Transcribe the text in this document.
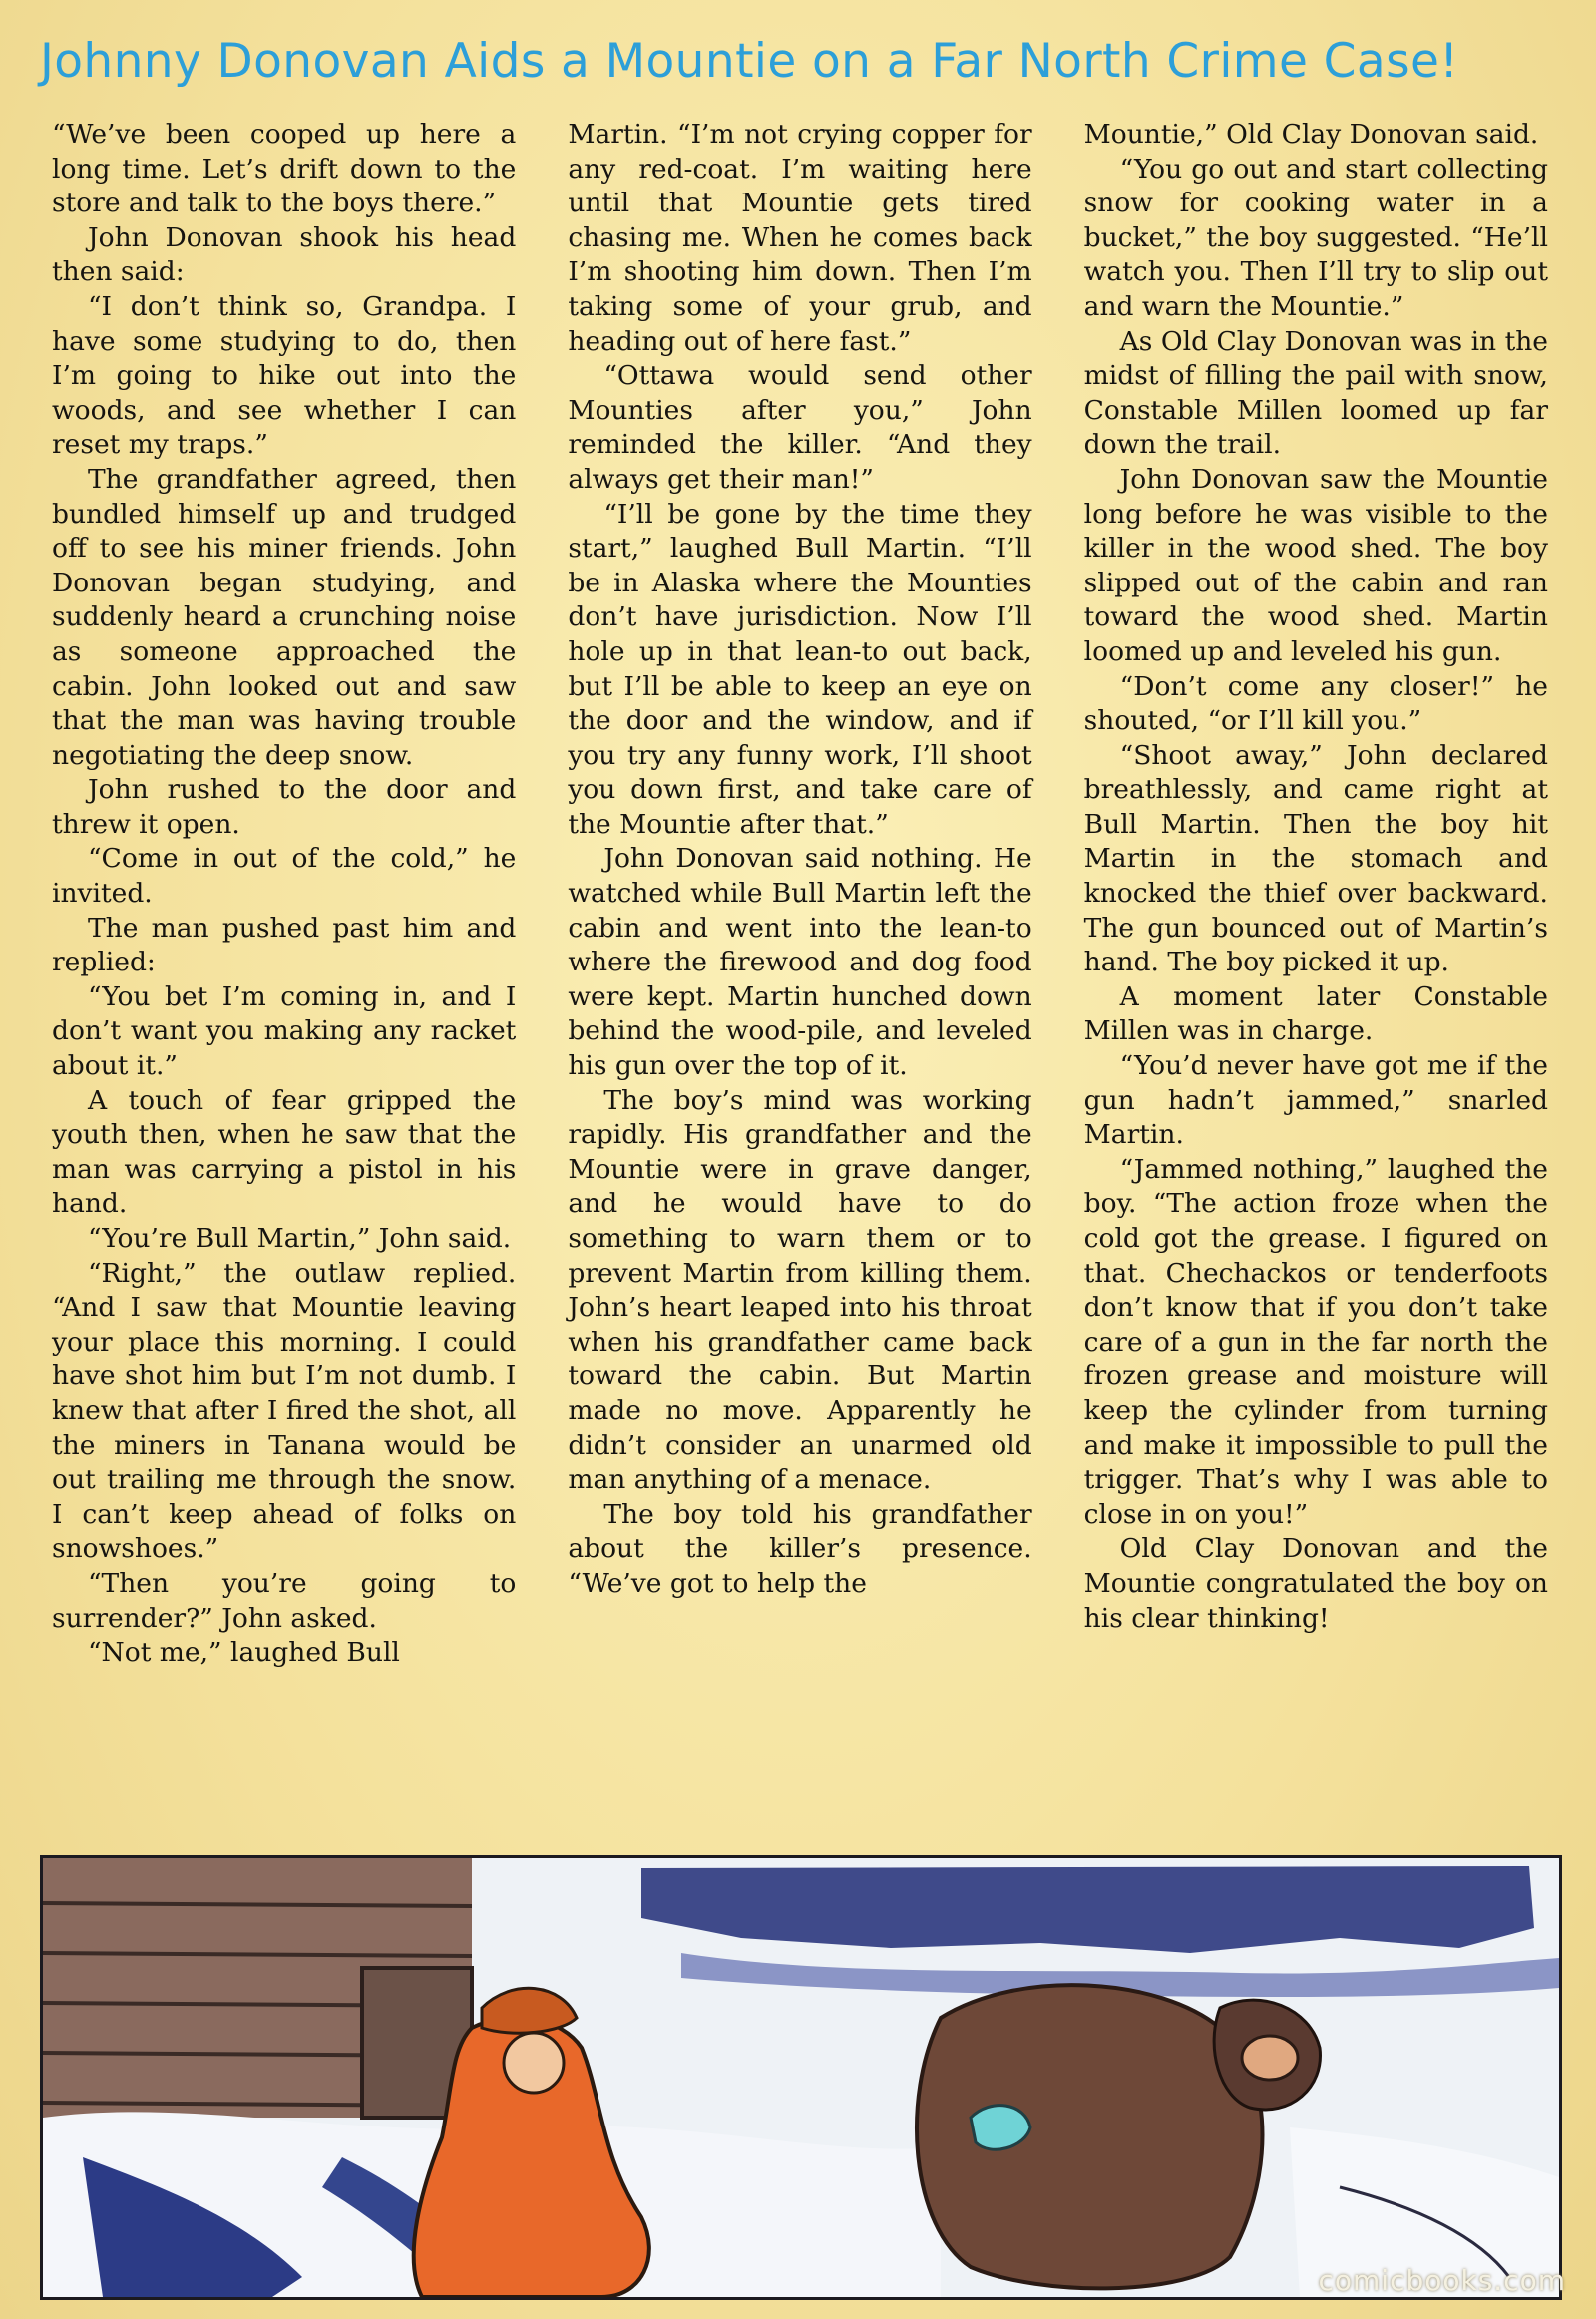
Johnny Donovan Aids a Mountie on a Far North Crime Case!

“We’ve been cooped up here a long time. Let’s drift down to the store and talk to the boys there.”

John Donovan shook his head then said:

“I don’t think so, Grandpa. I have some studying to do, then I’m going to hike out into the woods, and see whether I can reset my traps.”

The grandfather agreed, then bundled himself up and trudged off to see his miner friends. John Donovan began studying, and suddenly heard a crunching noise as someone approached the cabin. John looked out and saw that the man was having trouble negotiating the deep snow.

John rushed to the door and threw it open.

“Come in out of the cold,” he invited.

The man pushed past him and replied:

“You bet I’m coming in, and I don’t want you making any racket about it.”

A touch of fear gripped the youth then, when he saw that the man was carrying a pistol in his hand.

“You’re Bull Martin,” John said.

“Right,” the outlaw replied. “And I saw that Mountie leaving your place this morning. I could have shot him but I’m not dumb. I knew that after I fired the shot, all the miners in Tanana would be out trailing me through the snow. I can’t keep ahead of folks on snowshoes.”

“Then you’re going to surrender?” John asked.

“Not me,” laughed Bull

Martin. “I’m not crying copper for any red-coat. I’m waiting here until that Mountie gets tired chasing me. When he comes back I’m shooting him down. Then I’m taking some of your grub, and heading out of here fast.”

“Ottawa would send other Mounties after you,” John reminded the killer. “And they always get their man!”

“I’ll be gone by the time they start,” laughed Bull Martin. “I’ll be in Alaska where the Mounties don’t have jurisdiction. Now I’ll hole up in that lean-to out back, but I’ll be able to keep an eye on the door and the window, and if you try any funny work, I’ll shoot you down first, and take care of the Mountie after that.”

John Donovan said nothing. He watched while Bull Martin left the cabin and went into the lean-to where the firewood and dog food were kept. Martin hunched down behind the wood-pile, and leveled his gun over the top of it.

The boy’s mind was working rapidly. His grandfather and the Mountie were in grave danger, and he would have to do something to warn them or to prevent Martin from killing them. John’s heart leaped into his throat when his grandfather came back toward the cabin. But Martin made no move. Apparently he didn’t consider an unarmed old man anything of a menace.

The boy told his grandfather about the killer’s presence. “We’ve got to help the

Mountie,” Old Clay Donovan said.

“You go out and start collecting snow for cooking water in a bucket,” the boy suggested. “He’ll watch you. Then I’ll try to slip out and warn the Mountie.”

As Old Clay Donovan was in the midst of filling the pail with snow, Constable Millen loomed up far down the trail.

John Donovan saw the Mountie long before he was visible to the killer in the wood shed. The boy slipped out of the cabin and ran toward the wood shed. Martin loomed up and leveled his gun.

“Don’t come any closer!” he shouted, “or I’ll kill you.”

“Shoot away,” John declared breathlessly, and came right at Bull Martin. Then the boy hit Martin in the stomach and knocked the thief over backward. The gun bounced out of Martin’s hand. The boy picked it up.

A moment later Constable Millen was in charge.

“You’d never have got me if the gun hadn’t jammed,” snarled Martin.

“Jammed nothing,” laughed the boy. “The action froze when the cold got the grease. I figured on that. Chechackos or tenderfoots don’t know that if you don’t take care of a gun in the far north the frozen grease and moisture will keep the cylinder from turning and make it impossible to pull the trigger. That’s why I was able to close in on you!”

Old Clay Donovan and the Mountie congratulated the boy on his clear thinking!

comicbooks.com
